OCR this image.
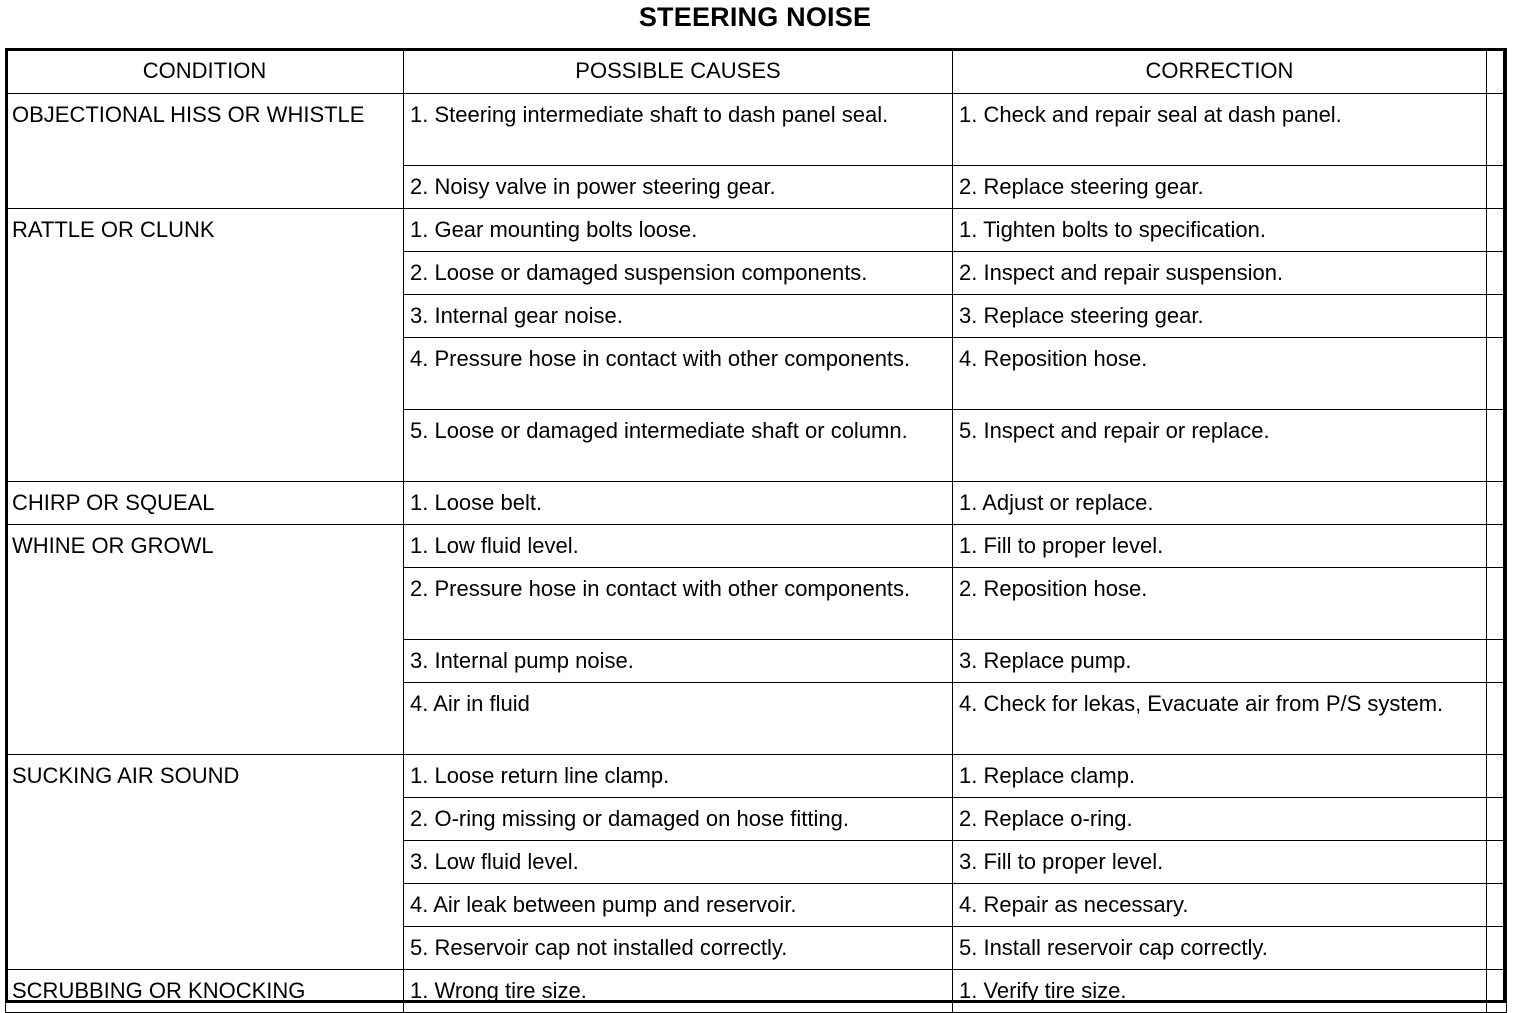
STEERING NOISE
CONDITION	POSSIBLE CAUSES	CORRECTION	
OBJECTIONAL HISS OR WHISTLE	1. Steering intermediate shaft to dash panel seal.	1. Check and repair seal at dash panel.	
	2. Noisy valve in power steering gear.	2. Replace steering gear.	
RATTLE OR CLUNK	1. Gear mounting bolts loose.	1. Tighten bolts to specification.	
	2. Loose or damaged suspension components.	2. Inspect and repair suspension.	
	3. Internal gear noise.	3. Replace steering gear.	
	4. Pressure hose in contact with other components.	4. Reposition hose.	
	5. Loose or damaged intermediate shaft or column.	5. Inspect and repair or replace.	
CHIRP OR SQUEAL	1. Loose belt.	1. Adjust or replace.	
WHINE OR GROWL	1. Low fluid level.	1. Fill to proper level.	
	2. Pressure hose in contact with other components.	2. Reposition hose.	
	3. Internal pump noise.	3. Replace pump.	
	4. Air in fluid	4. Check for lekas, Evacuate air from P/S system.	
SUCKING AIR SOUND	1. Loose return line clamp.	1. Replace clamp.	
	2. O-ring missing or damaged on hose fitting.	2. Replace o-ring.	
	3. Low fluid level.	3. Fill to proper level.	
	4. Air leak between pump and reservoir.	4. Repair as necessary.	
	5. Reservoir cap not installed correctly.	5. Install reservoir cap correctly.	
SCRUBBING OR KNOCKING	1. Wrong tire size.	1. Verify tire size.	
